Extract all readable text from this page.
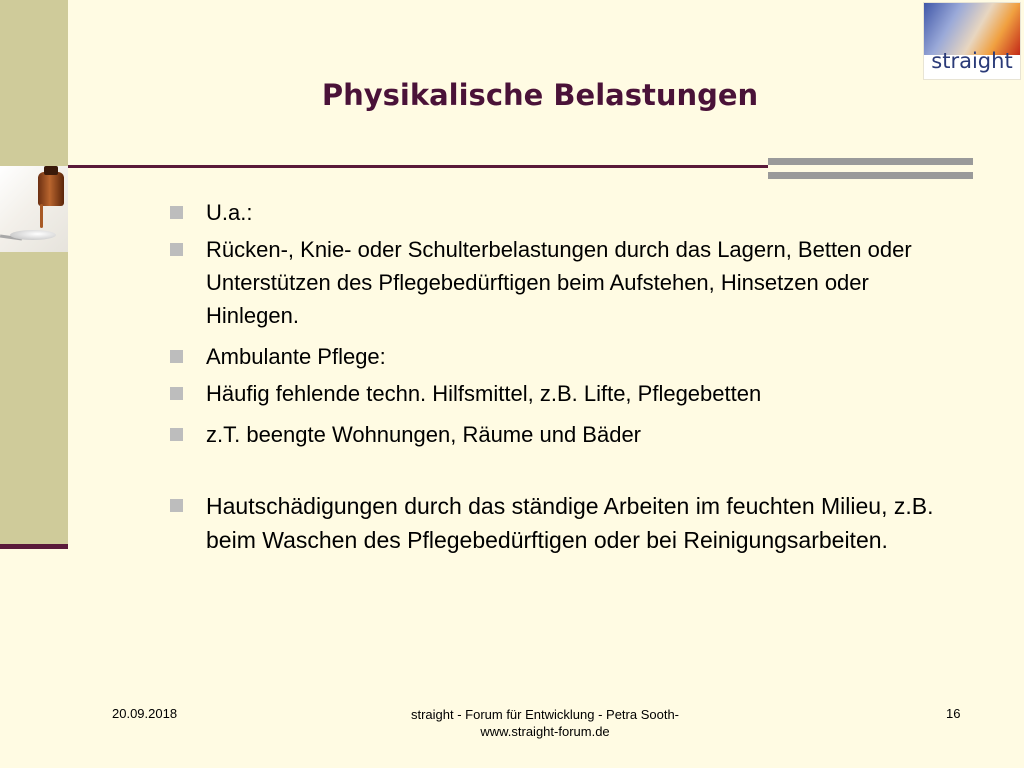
straight
Physikalische Belastungen
U.a.:
Rücken-, Knie- oder Schulterbelastungen durch das Lagern, Betten oder Unterstützen des Pflegebedürftigen beim Aufstehen, Hinsetzen oder Hinlegen.
Ambulante Pflege:
Häufig fehlende techn. Hilfsmittel, z.B. Lifte, Pflegebetten
z.T. beengte Wohnungen, Räume und Bäder
Hautschädigungen durch das ständige Arbeiten im feuchten Milieu, z.B. beim Waschen des Pflegebedürftigen oder bei Reinigungsarbeiten.
20.09.2018	straight - Forum für Entwicklung - Petra Sooth-
www.straight-forum.de
16
